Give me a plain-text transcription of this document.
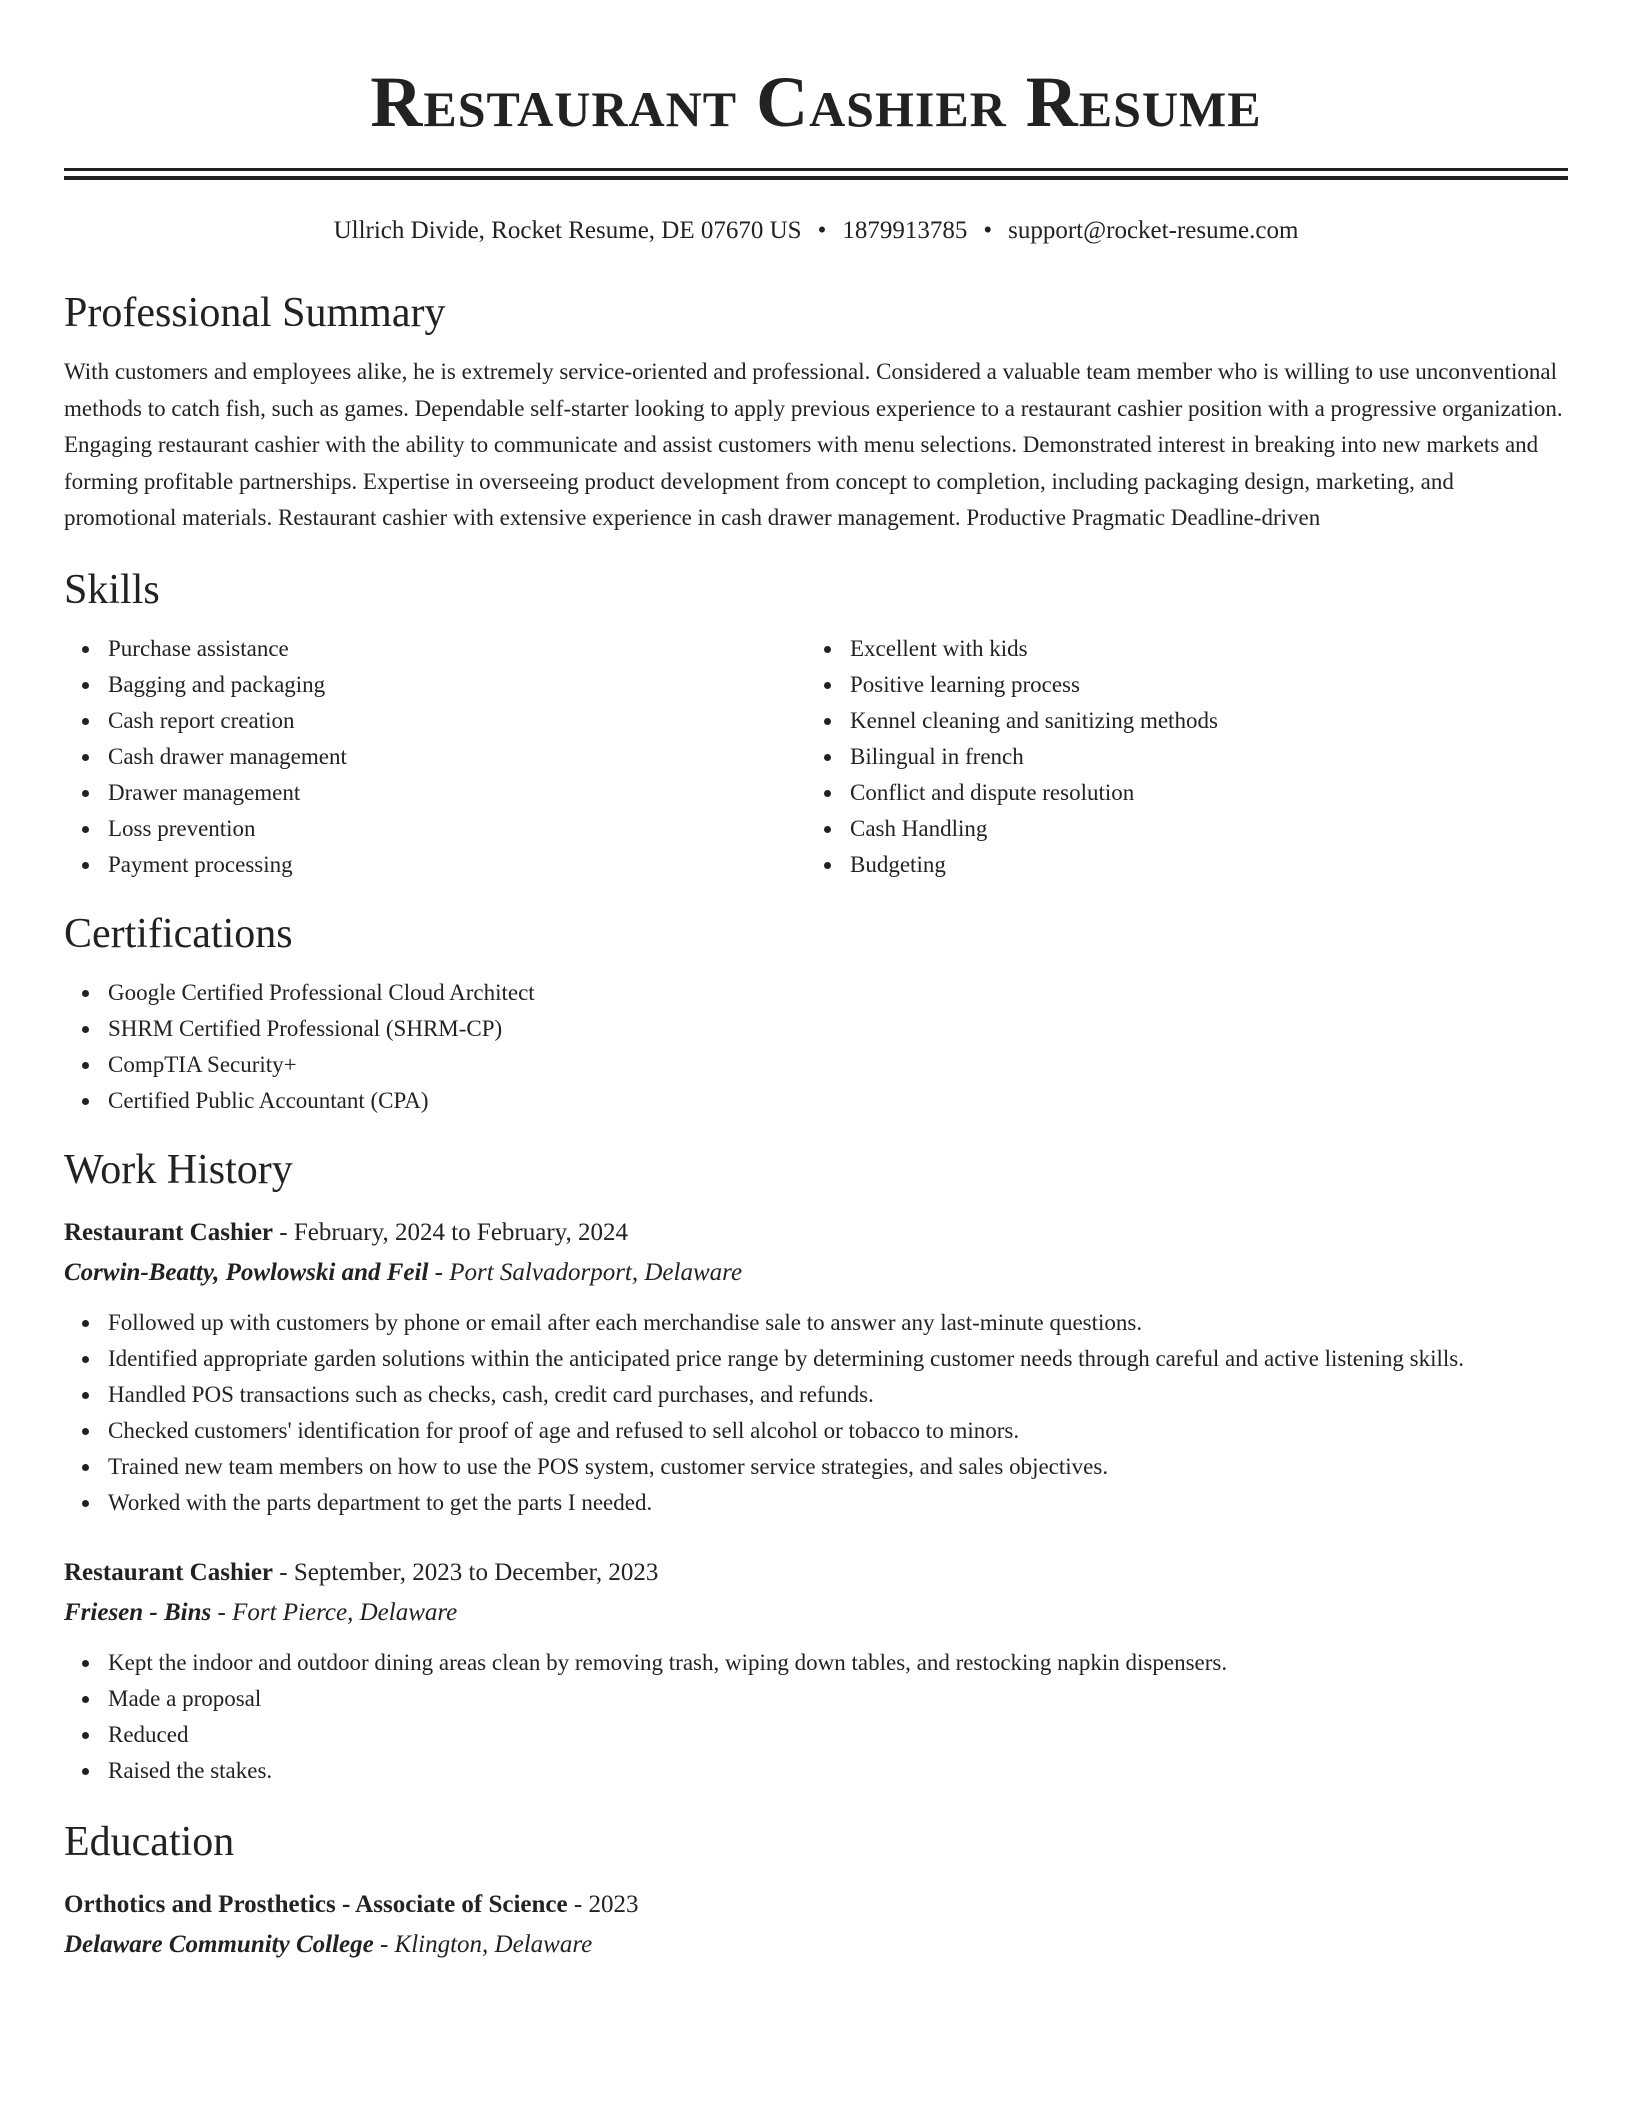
Restaurant Cashier Resume
Ullrich Divide, Rocket Resume, DE 07670 US • 1879913785 • support@rocket-resume.com
Professional Summary

With customers and employees alike, he is extremely service-oriented and professional. Considered a valuable team member who is willing to use unconventional methods to catch fish, such as games. Dependable self-starter looking to apply previous experience to a restaurant cashier position with a progressive organization. Engaging restaurant cashier with the ability to communicate and assist customers with menu selections. Demonstrated interest in breaking into new markets and forming profitable partnerships. Expertise in overseeing product development from concept to completion, including packaging design, marketing, and promotional materials. Restaurant cashier with extensive experience in cash drawer management. Productive Pragmatic Deadline-driven

Skills
Purchase assistance
Bagging and packaging
Cash report creation
Cash drawer management
Drawer management
Loss prevention
Payment processing
Excellent with kids
Positive learning process
Kennel cleaning and sanitizing methods
Bilingual in french
Conflict and dispute resolution
Cash Handling
Budgeting
Certifications
Google Certified Professional Cloud Architect
SHRM Certified Professional (SHRM-CP)
CompTIA Security+
Certified Public Accountant (CPA)
Work History
Restaurant Cashier - February, 2024 to February, 2024
Corwin-Beatty, Powlowski and Feil - Port Salvadorport, Delaware
Followed up with customers by phone or email after each merchandise sale to answer any last-minute questions.
Identified appropriate garden solutions within the anticipated price range by determining customer needs through careful and active listening skills.
Handled POS transactions such as checks, cash, credit card purchases, and refunds.
Checked customers' identification for proof of age and refused to sell alcohol or tobacco to minors.
Trained new team members on how to use the POS system, customer service strategies, and sales objectives.
Worked with the parts department to get the parts I needed.
Restaurant Cashier - September, 2023 to December, 2023
Friesen - Bins - Fort Pierce, Delaware
Kept the indoor and outdoor dining areas clean by removing trash, wiping down tables, and restocking napkin dispensers.
Made a proposal
Reduced
Raised the stakes.
Education
Orthotics and Prosthetics - Associate of Science - 2023
Delaware Community College - Klington, Delaware
